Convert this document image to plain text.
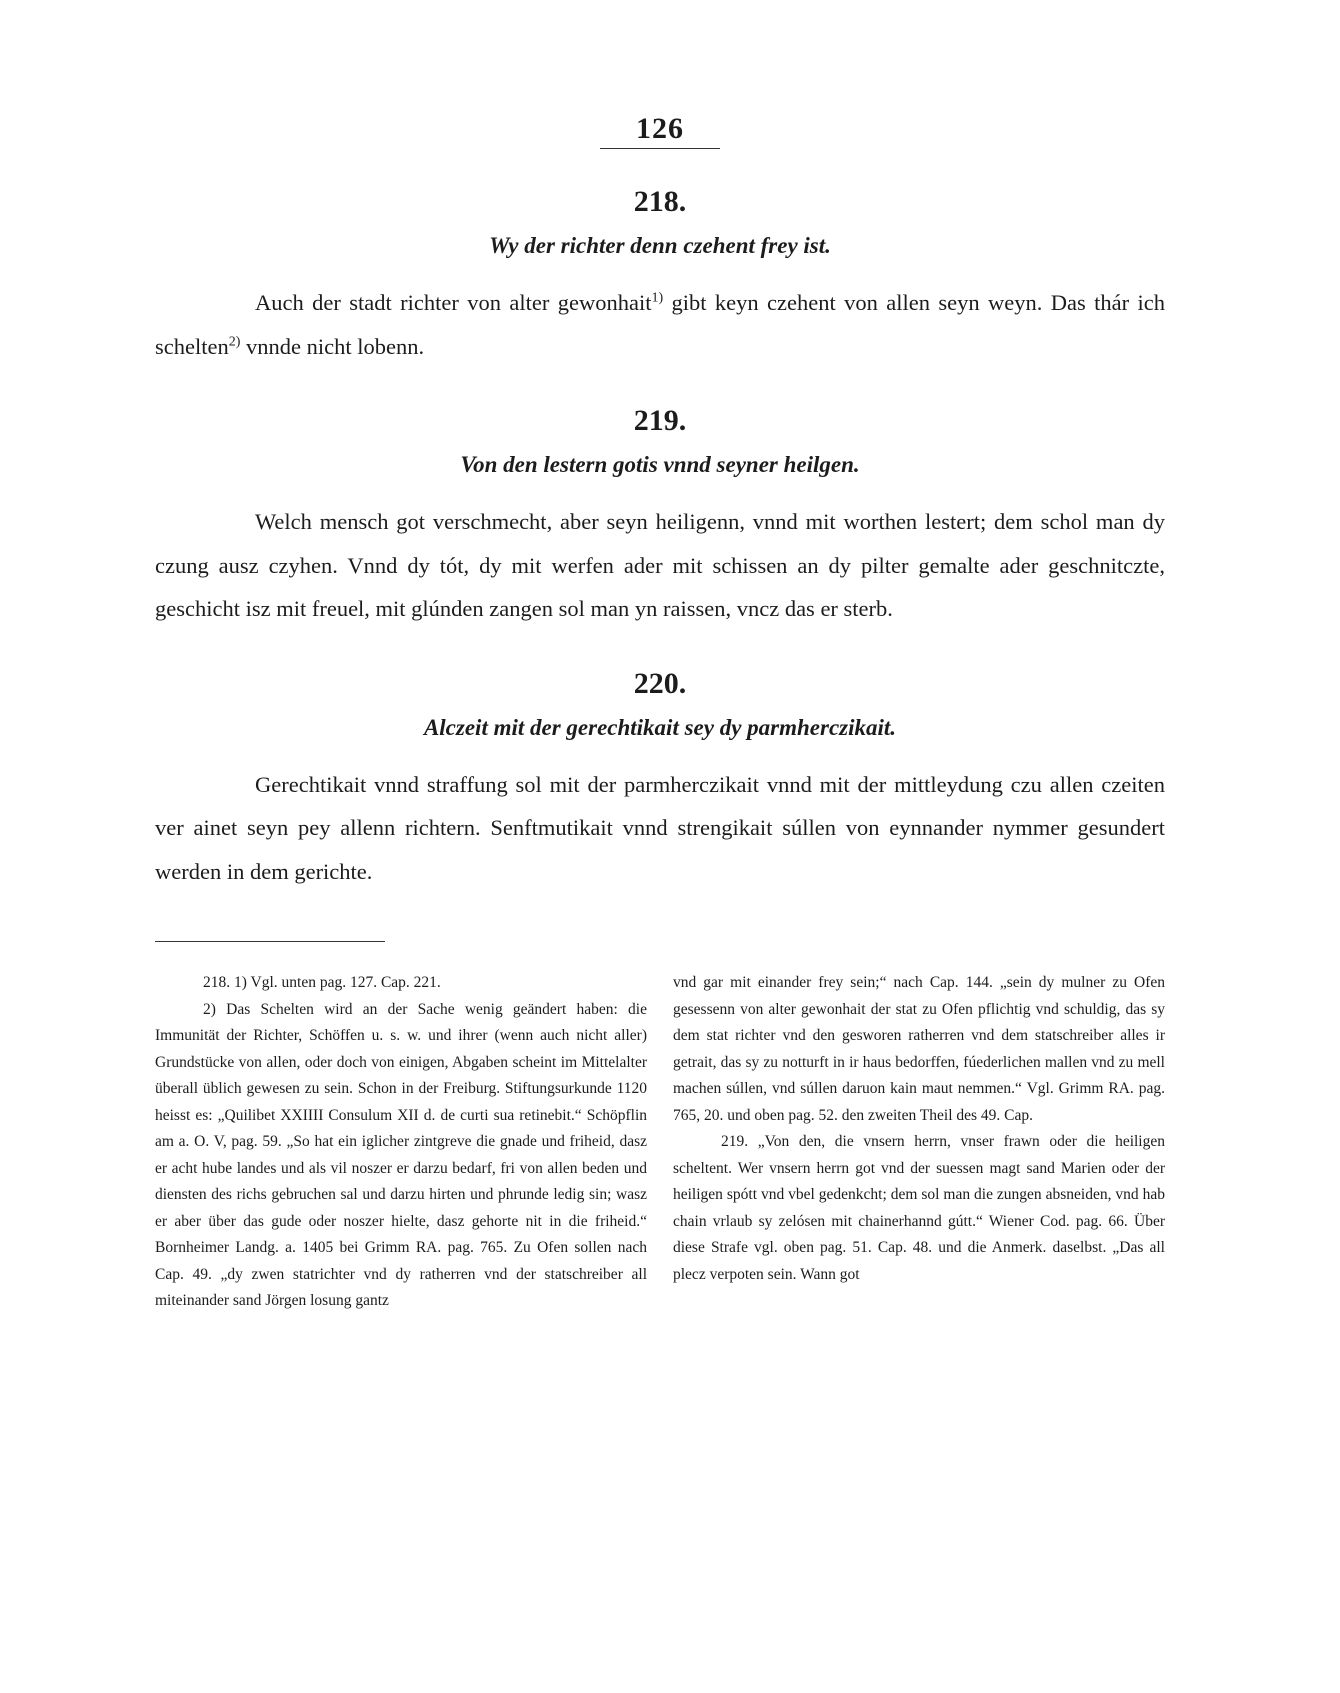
126
218.
Wy der richter denn czehent frey ist.

Auch der stadt richter von alter gewonhait$^{1)}$ gibt keyn czehent von allen seyn weyn. Das thár ich schelten$^{2)}$ vnnde nicht lobenn.

219.
Von den lestern gotis vnnd seyner heilgen.

Welch mensch got verschmecht, aber seyn heiligenn, vnnd mit worthen lestert; dem schol man dy czung ausz czyhen. Vnnd dy tót, dy mit werfen ader mit schissen an dy pilter gemalte ader geschnitczte, geschicht isz mit freuel, mit glúnden zangen sol man yn raissen, vncz das er sterb.

220.
Alczeit mit der gerechtikait sey dy parmherczikait.

Gerechtikait vnnd straffung sol mit der parmherczikait vnnd mit der mittleydung czu allen czeiten ver ainet seyn pey allenn richtern. Senftmutikait vnnd strengikait súllen von eynnander nymmer gesundert werden in dem gerichte.

218. 1) Vgl. unten pag. 127. Cap. 221.

2) Das Schelten wird an der Sache wenig geändert haben: die Immunität der Richter, Schöffen u. s. w. und ihrer (wenn auch nicht aller) Grundstücke von allen, oder doch von einigen, Abgaben scheint im Mittelalter überall üblich gewesen zu sein. Schon in der Freiburg. Stiftungsurkunde 1120 heisst es: „Quilibet XXIIII Consulum XII d. de curti sua retinebit.“ Schöpflin am a. O. V, pag. 59. „So hat ein iglicher zintgreve die gnade und friheid, dasz er acht hube landes und als vil noszer er darzu bedarf, fri von allen beden und diensten des richs gebruchen sal und darzu hirten und phrunde ledig sin; wasz er aber über das gude oder noszer hielte, dasz gehorte nit in die friheid.“ Bornheimer Landg. a. 1405 bei Grimm RA. pag. 765. Zu Ofen sollen nach Cap. 49. „dy zwen statrichter vnd dy ratherren vnd der statschreiber all miteinander sand Jörgen losung gantz

vnd gar mit einander frey sein;“ nach Cap. 144. „sein dy mulner zu Ofen gesessenn von alter gewonhait der stat zu Ofen pflichtig vnd schuldig, das sy dem stat richter vnd den gesworen ratherren vnd dem statschreiber alles ir getrait, das sy zu notturft in ir haus bedorffen, fúederlichen mallen vnd zu mell machen súllen, vnd súllen daruon kain maut nemmen.“ Vgl. Grimm RA. pag. 765, 20. und oben pag. 52. den zweiten Theil des 49. Cap.

219. „Von den, die vnsern herrn, vnser frawn oder die heiligen scheltent. Wer vnsern herrn got vnd der suessen magt sand Marien oder der heiligen spótt vnd vbel gedenkcht; dem sol man die zungen absneiden, vnd hab chain vrlaub sy zelósen mit chainerhannd gútt.“ Wiener Cod. pag. 66. Über diese Strafe vgl. oben pag. 51. Cap. 48. und die Anmerk. daselbst. „Das all plecz verpoten sein. Wann got
